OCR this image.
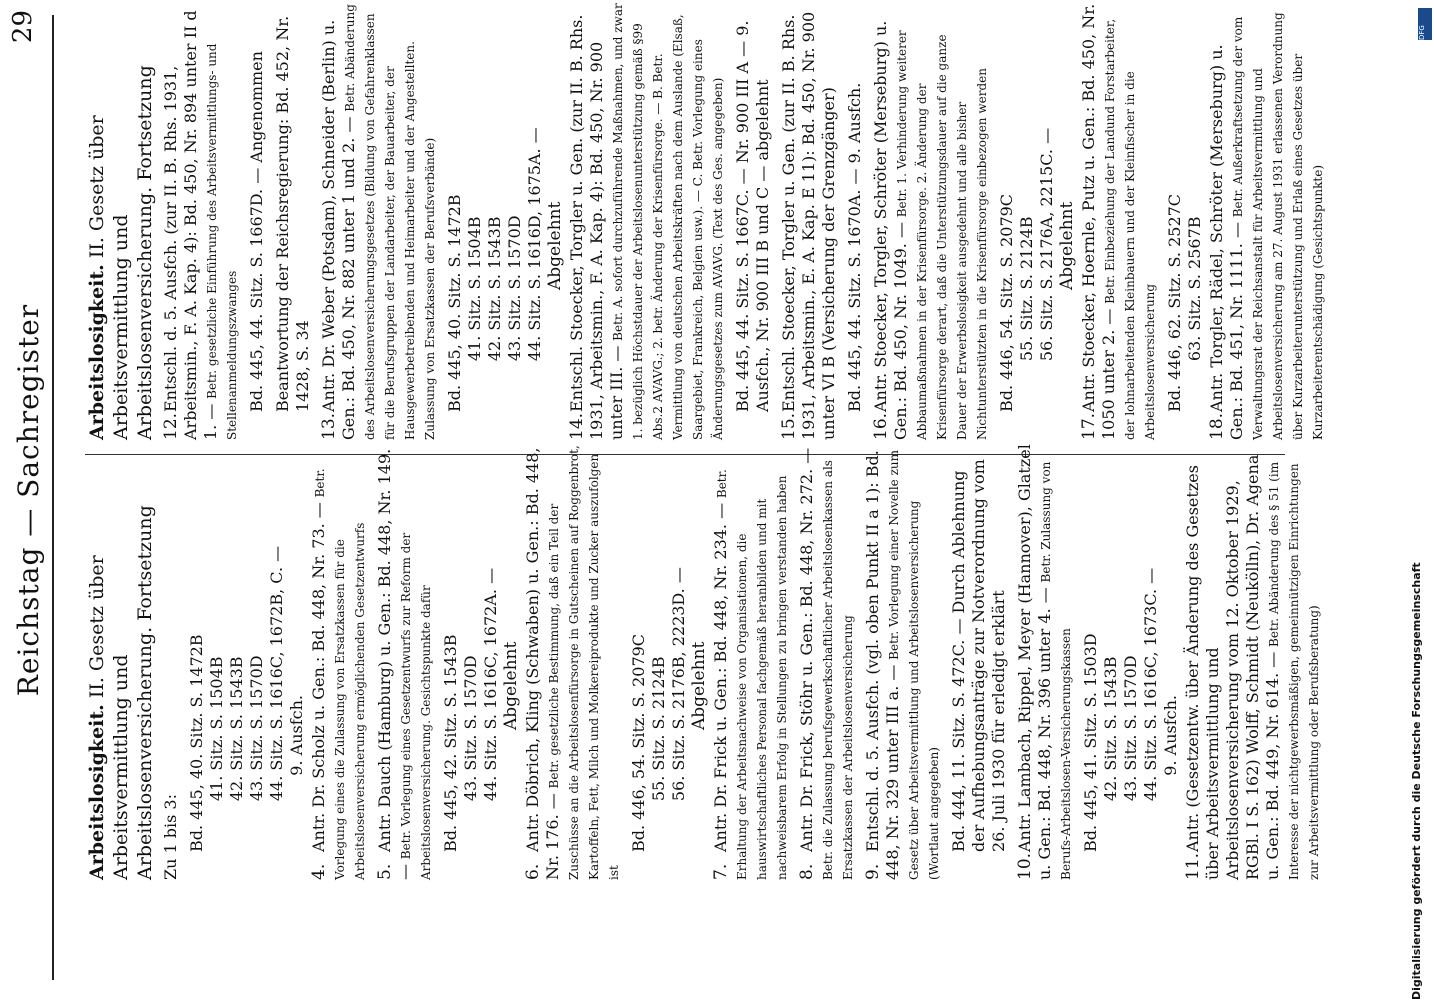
Reichstag — Sachregister
29
Arbeitslosigkeit. II. Gesetz über Arbeitsvermittlung und Arbeitslosenversicherung. Fortsetzung Zu 1 bis 3: Bd. 445, 40. Sitz. S. 1472B
41. Sitz. S. 1504B
42. Sitz. S. 1543B
43. Sitz. S. 1570D
44. Sitz. S. 1616C, 1672B, C. —
9. Ausfch.
4.Antr. Dr. Scholz u. Gen.: Bd. 448, Nr. 73. — Betr. Vorlegung eines die Zulassung von Ersatzkassen für die Arbeitslosenversicherung ermöglichenden Gesetzentwurfs 5.Antr. Dauch (Hamburg) u. Gen.: Bd. 448, Nr. 149. — Betr. Vorlegung eines Gesetzentwurfs zur Reform der Arbeitslosenversicherung. Gesichtspunkte dafür Bd. 445, 42. Sitz. S. 1543B
43. Sitz. S. 1570D
44. Sitz. S. 1616C, 1672A. —
Abgelehnt
6.Antr. Döbrich, Kling (Schwaben) u. Gen.: Bd. 448, Nr. 176. — Betr. gesetzliche Bestimmung, daß ein Teil der Zuschüsse an die Arbeitslosenfürsorge in Gutscheinen auf Roggenbrot, Kartoffeln, Fett, Milch und Molkereiprodukte und Zucker auszufolgen ist
Bd. 446, 54. Sitz. S. 2079C
55. Sitz. S. 2124B
56. Sitz. S. 2176B, 2223D. —
Abgelehnt
7.Antr. Dr. Frick u. Gen.: Bd. 448, Nr. 234. — Betr. Erhaltung der Arbeitsnachweise von Organisationen, die hauswirtschaftliches Personal fachgemäß heranbilden und mit nachweisbarem Erfolg in Stellungen zu bringen verstanden haben 8.Antr. Dr. Frick, Stöhr u. Gen.: Bd. 448, Nr. 272. — Betr. die Zulassung berufsgewerkschaftlicher Arbeitslosenkassen als Ersatzkassen der Arbeitslosenversicherung 9.Entschl. d. 5. Ausfch. (vgl. oben Punkt II a 1): Bd. 448, Nr. 329 unter III a. — Betr. Vorlegung einer Novelle zum Gesetz über Arbeitsvermittlung und Arbeitslosenversicherung (Wortlaut angegeben) Bd. 444, 11. Sitz. S. 472C. — Durch Ablehnung der Aufhebungsanträge zur Notverordnung vom 26. Juli 1930 für erledigt erklärt
10.Antr. Lambach, Rippel, Meyer (Hannover), Glatzel u. Gen.: Bd. 448, Nr. 396 unter 4. — Betr. Zulassung von Berufs-Arbeitslosen-Versicherungskassen Bd. 445, 41. Sitz. S. 1503D
42. Sitz. S. 1543B
43. Sitz. S. 1570D
44. Sitz. S. 1616C, 1673C. —
9. Ausfch.
11.Antr. (Gesetzentw. über Änderung des Gesetzes über Arbeitsvermittlung und Arbeitslosenversicherung vom 12. Oktober 1929, RGBl. I S. 162) Wolff, Schmidt (Neukölln), Dr. Agena u. Gen.: Bd. 449, Nr. 614. — Betr. Abänderung des § 51 (im Interesse der nichtgewerbsmäßigen, gemeinnützigen Einrichtungen zur Arbeitsvermittlung oder Berufsberatung)
Arbeitslosigkeit. II. Gesetz über Arbeitsvermittlung und Arbeitslosenversicherung. Fortsetzung 12.Entschl. d. 5. Ausfch. (zur II. B. Rhs. 1931, Arbeitsmin., F. A. Kap. 4): Bd. 450, Nr. 894 unter II d 1. — Betr. gesetzliche Einführung des Arbeitsvermittlungs- und Stellenanmeldungszwanges Bd. 445, 44. Sitz. S. 1667D. — Angenommen Beantwortung der Reichsregierung: Bd. 452, Nr. 1428, S. 34
13.Antr. Dr. Weber (Potsdam), Schneider (Berlin) u. Gen.: Bd. 450, Nr. 882 unter 1 und 2. — Betr. Abänderung des Arbeitslosenversicherungsgesetzes (Bildung von Gefahrenklassen für die Berufsgruppen der Landarbeiter, der Bauarbeiter, der Hausgewerbetreibenden und Heimarbeiter und der Angestellten. Zulassung von Ersatzkassen der Berufsverbände) Bd. 445, 40. Sitz. S. 1472B
41. Sitz. S. 1504B
42. Sitz. S. 1543B
43. Sitz. S. 1570D
44. Sitz. S. 1616D, 1675A. —
Abgelehnt
14.Entschl. Stoecker, Torgler u. Gen. (zur II. B. Rhs. 1931, Arbeitsmin., F. A. Kap. 4): Bd. 450, Nr. 900 unter III. — Betr. A. sofort durchzuführende Maßnahmen, und zwar 1. bezüglich Höchstdauer der Arbeitslosenunterstützung gemäß §99 Abs.2 AVAVG.; 2. betr. Änderung der Krisenfürsorge. — B. Betr. Vermittlung von deutschen Arbeitskräften nach dem Auslande (Elsaß, Saargebiet, Frankreich, Belgien usw.). — C. Betr. Vorlegung eines Änderungsgesetzes zum AVAVG. (Text des Ges. angegeben) Bd. 445, 44. Sitz. S. 1667C. — Nr. 900 III A — 9. Ausfch., Nr. 900 III B und C — abgelehnt
15.Entschl. Stoecker, Torgler u. Gen. (zur II. B. Rhs. 1931, Arbeitsmin., E. A. Kap. E 11): Bd. 450, Nr. 900 unter VI B (Versicherung der Grenzgänger) Bd. 445, 44. Sitz. S. 1670A. — 9. Ausfch.
16.Antr. Stoecker, Torgler, Schröter (Merseburg) u. Gen.: Bd. 450, Nr. 1049. — Betr. 1. Verhinderung weiterer Abbaumaßnahmen in der Krisenfürsorge. 2. Änderung der Krisenfürsorge derart, daß die Unterstützungsdauer auf die ganze Dauer der Erwerbslosigkeit ausgedehnt und alle bisher Nichtunterstützten in die Krisenfürsorge einbezogen werden Bd. 446, 54. Sitz. S. 2079C
55. Sitz. S. 2124B
56. Sitz. S. 2176A, 2215C. —
Abgelehnt
17.Antr. Stoecker, Hoernle, Putz u. Gen.: Bd. 450, Nr. 1050 unter 2. — Betr. Einbeziehung der Landund Forstarbeiter, der lohnarbeitenden Kleinbauern und der Kleinfischer in die Arbeitslosenversicherung Bd. 446, 62. Sitz. S. 2527C
63. Sitz. S. 2567B
18.Antr. Torgler, Rädel, Schröter (Merseburg) u. Gen.: Bd. 451, Nr. 1111. — Betr. Außerkraftsetzung der vom Verwaltungsrat der Reichsanstalt für Arbeitsvermittlung und Arbeitslosenversicherung am 27. August 1931 erlassenen Verordnung über Kurzarbeiterunterstützung und Erlaß eines Gesetzes über Kurzarbeiterentschädigung (Gesichtspunkte)
Digitalisierung gefördert durch die Deutsche Forschungsgemeinschaft
DFG
